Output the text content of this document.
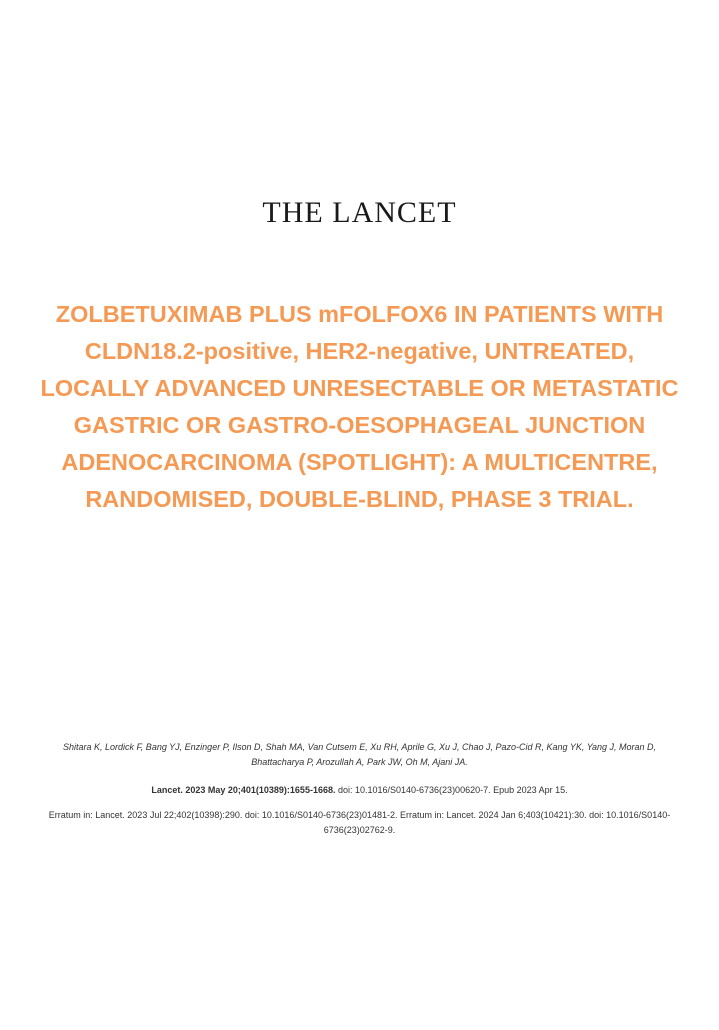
THE LANCET
ZOLBETUXIMAB PLUS mFOLFOX6 IN PATIENTS WITH CLDN18.2-positive, HER2-negative, UNTREATED, LOCALLY ADVANCED UNRESECTABLE OR METASTATIC GASTRIC OR GASTRO-OESOPHAGEAL JUNCTION ADENOCARCINOMA (SPOTLIGHT): A MULTICENTRE, RANDOMISED, DOUBLE-BLIND, PHASE 3 TRIAL.

Shitara K, Lordick F, Bang YJ, Enzinger P, Ilson D, Shah MA, Van Cutsem E, Xu RH, Aprile G, Xu J, Chao J, Pazo-Cid R, Kang YK, Yang J, Moran D, Bhattacharya P, Arozullah A, Park JW, Oh M, Ajani JA.

Lancet. 2023 May 20;401(10389):1655-1668. doi: 10.1016/S0140-6736(23)00620-7. Epub 2023 Apr 15.

Erratum in: Lancet. 2023 Jul 22;402(10398):290. doi: 10.1016/S0140-6736(23)01481-2. Erratum in: Lancet. 2024 Jan 6;403(10421):30. doi: 10.1016/S0140-6736(23)02762-9.
